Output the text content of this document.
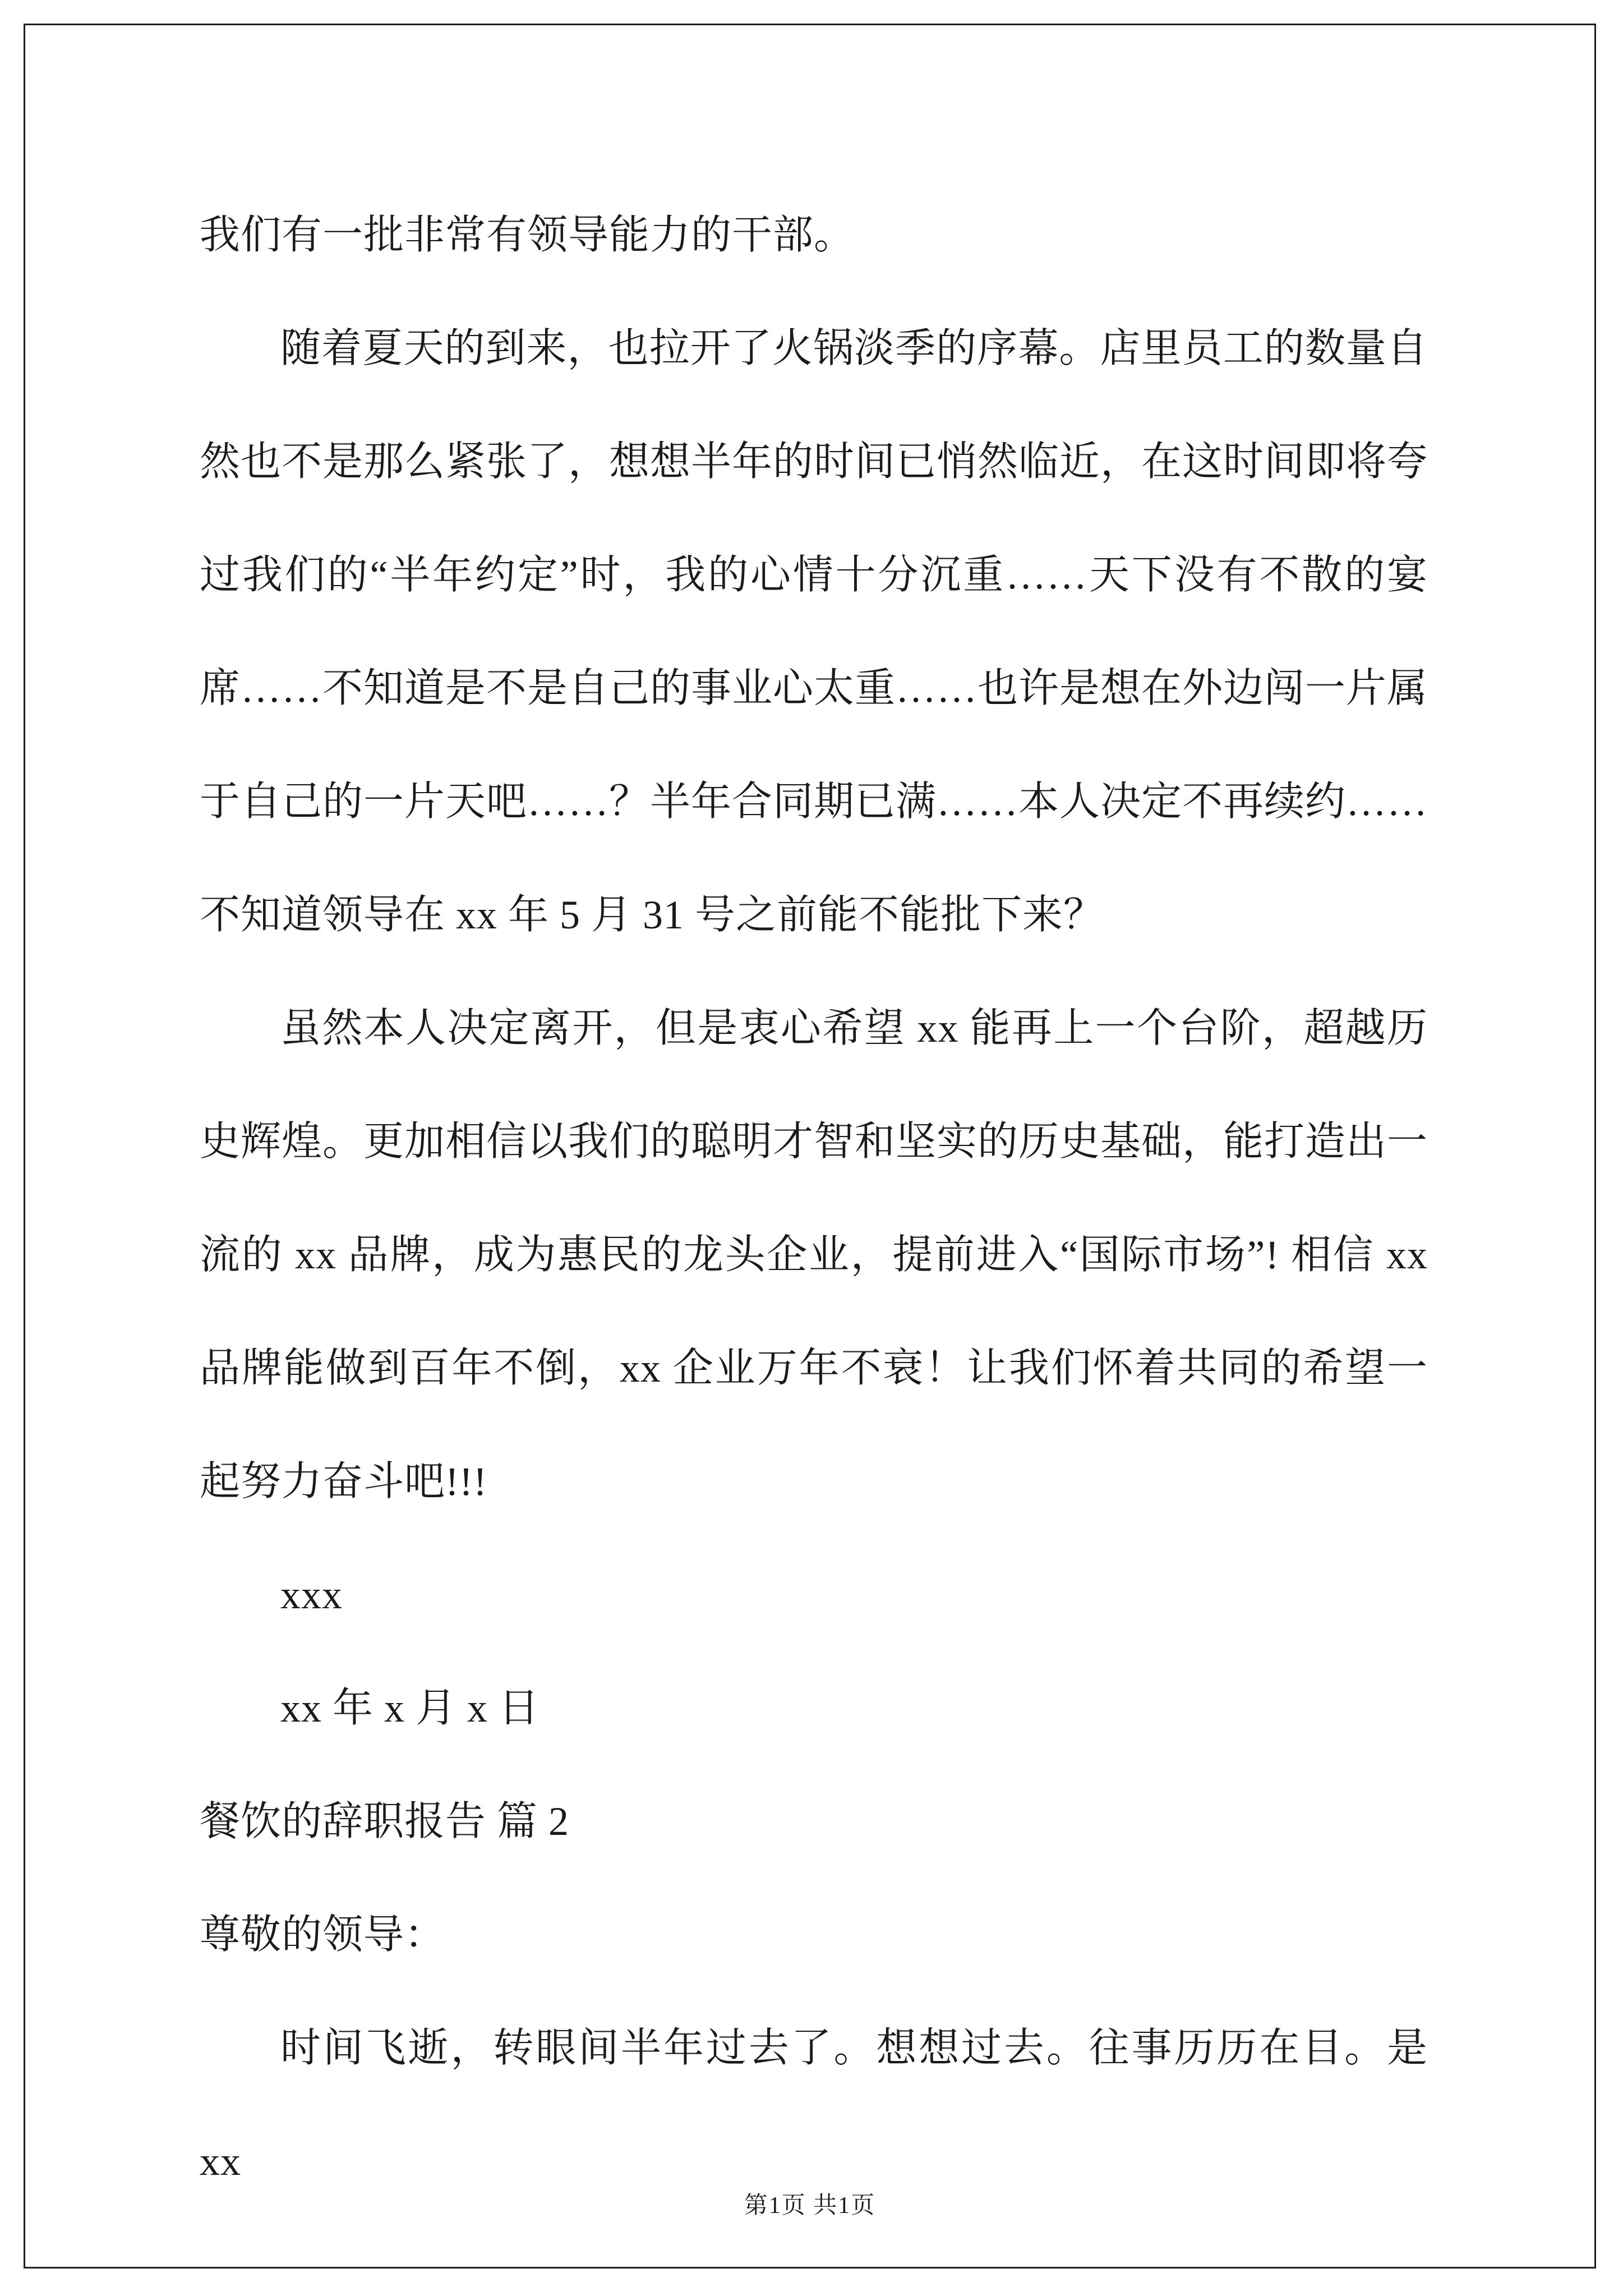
我们有一批非常有领导能力的干部。

随着夏天的到来，也拉开了火锅淡季的序幕。店里员工的数量自然也不是那么紧张了，想想半年的时间已悄然临近，在这时间即将夸过我们的“半年约定”时，我的心情十分沉重……天下没有不散的宴席……不知道是不是自己的事业心太重……也许是想在外边闯一片属于自己的一片天吧……？半年合同期已满……本人决定不再续约……不知道领导在 xx 年 5 月 31 号之前能不能批下来？

虽然本人决定离开，但是衷心希望 xx 能再上一个台阶，超越历史辉煌。更加相信以我们的聪明才智和坚实的历史基础，能打造出一流的 xx 品牌，成为惠民的龙头企业，提前进入“国际市场”! 相信 xx 品牌能做到百年不倒，xx 企业万年不衰！让我们怀着共同的希望一起努力奋斗吧!!!

xxx

xx 年 x 月 x 日

餐饮的辞职报告 篇 2

尊敬的领导：

时间飞逝，转眼间半年过去了。想想过去。往事历历在目。是 xx

第1页 共1页
